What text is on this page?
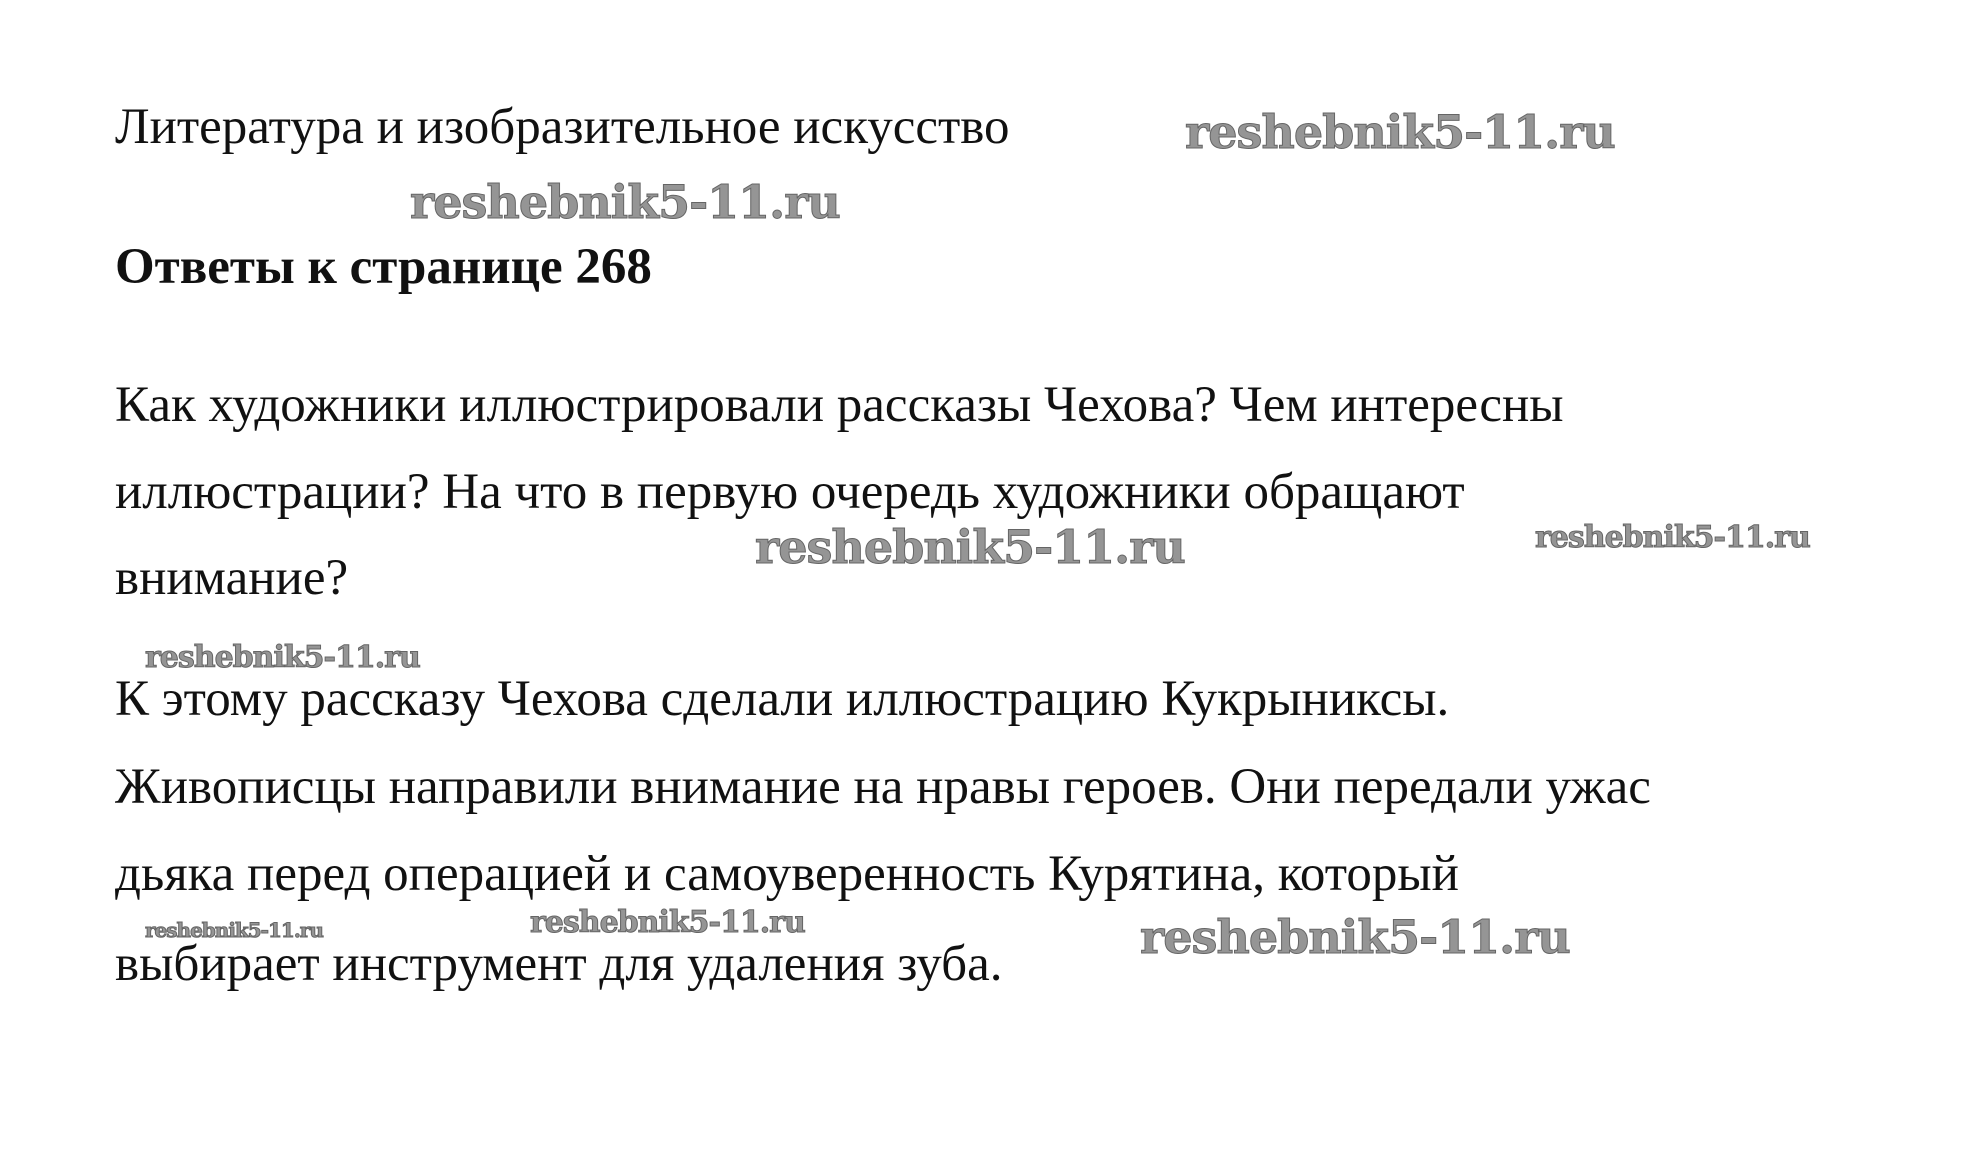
Литература и изобразительное искусство

Ответы к странице 268

Как художники иллюстрировали рассказы Чехова? Чем интересны

иллюстрации? На что в первую очередь художники обращают

внимание?

К этому рассказу Чехова сделали иллюстрацию Кукрыниксы.

Живописцы направили внимание на нравы героев. Они передали ужас

дьяка перед операцией и самоуверенность Курятина, который

выбирает инструмент для удаления зуба.

reshebnik5-11.ru
reshebnik5-11.ru
reshebnik5-11.ru	reshebnik5-11.ru
reshebnik5-11.ru
reshebnik5-11.ru	reshebnik5-11.ru	reshebnik5-11.ru
